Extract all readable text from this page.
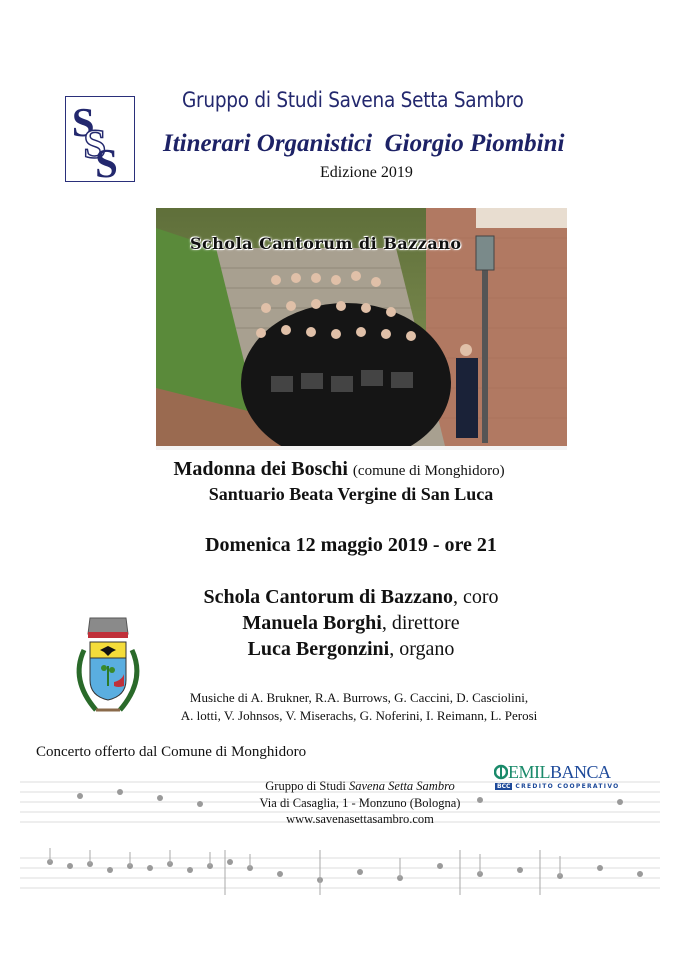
S
S
S
Gruppo di Studi Savena Setta Sambro
Itinerari Organistici  Giorgio Piombini
Edizione 2019
Schola Cantorum di Bazzano
Madonna dei Boschi (comune di Monghidoro)
Santuario Beata Vergine di San Luca
Domenica 12 maggio 2019 - ore 21
Schola Cantorum di Bazzano, coro
Manuela Borghi, direttore
Luca Bergonzini, organo
Musiche di A. Brukner, R.A. Burrows, G. Caccini, D. Casciolini,
A. lotti, V. Johnsos, V. Miserachs, G. Noferini, I. Reimann, L. Perosi
Concerto offerto dal Comune di Monghidoro
Gruppo di Studi Savena Setta Sambro
Via di Casaglia, 1 - Monzuno (Bologna)
www.savenasettasambro.com
EMILBANCA
BCC CREDITO COOPERATIVO
